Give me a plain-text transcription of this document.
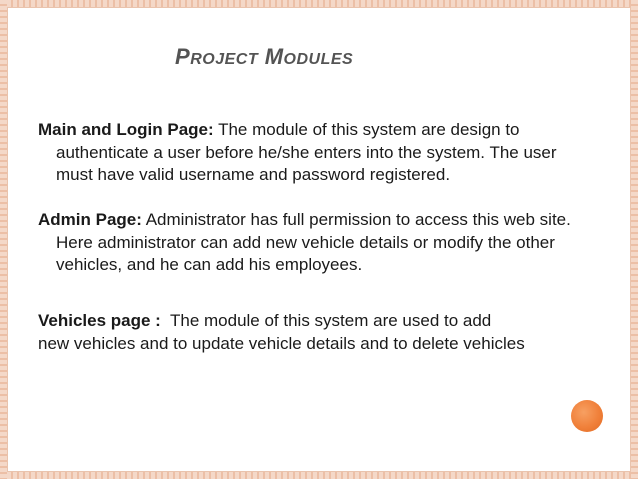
PROJECT MODULES

Main and Login Page: The module of this system are design to authenticate a user before he/she enters into the system. The user must have valid username and password registered.

Admin Page: Administrator has full permission to access this web site. Here administrator can add new vehicle details or modify the other vehicles, and he can add his employees.

Vehicles page :  The module of this system are used to add
new vehicles and to update vehicle details and to delete vehicles
